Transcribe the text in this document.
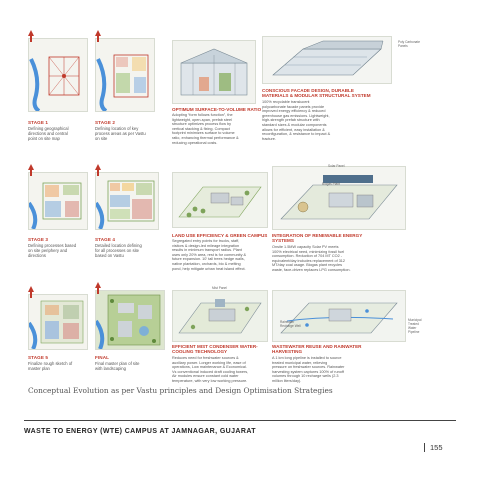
STAGE 1
Defining geographical
directions and central
point on site map
STAGE 2
Defining location of key
process areas as per Vastu
on site
OPTIMUM SURFACE-TO-VOLUME RATIO
Adopting “form follows function”, the
lightweight, open-span, prefab steel
structure optimizes process flow by
vertical stacking & fixing. Compact
footprint minimizes surface to volume
ratio, enhancing thermal performance &
reducing operational costs.
Poly Carbonate
Panels
CONSCIOUS FACADE DESIGN, DURABLE
MATERIALS & MODULAR STRUCTURAL SYSTEM
100% recyclable translucent
polycarbonate facade panels provide
improved energy efficiency & reduced
greenhouse gas emissions. Lightweight,
high-strength prefab structure with
standard sizes & modular components
allows for efficient, easy installation &
reconfiguration, & resistance to impact &
fracture.
STAGE 3
Defining processes based
on site periphery and
directions
STAGE 4
Detailed location defining
for all processes on site
based on Vastu
LAND USE EFFICIENCY & GREEN CAMPUS
Segregated entry points for trucks, staff,
visitors & design-led mileage integration
results in minimum transport radius. Plant
uses only 20% area, rest is for community &
future expansion. 10' tall trees hedge walls,
native plantation, orchards, bio & melting
pond, help mitigate urban heat island effect.
Solar Panel
Biogas Plant
INTEGRATION OF RENEWABLE ENERGY
SYSTEMS
Onsite 1.5MW capacity Solar PV meets
100% electrical need, minimizing fossil fuel
consumption. Reduction of 704 MT CO2 -
equivalent/day includes replacement of 312
MT/day coal usage. Biogas plant recycles
waste, face-driven replaces LPG consumption.
STAGE 5
Finalize rough sketch of
master plan
FINAL
Final master plan of site
with landscaping
Mist Panel
EFFICIENT MIST CONDENSER WATER-
COOLING TECHNOLOGY
Reduces need for freshwater sources &
auxiliary power. Longer working life, ease of
operations, Low maintenance & Economical.
Vs conventional induced draft cooling towers,
Air modules ensure constant cold water
temperature, with very low working pressure.
Rainwater
Recharge Well
Municipal
Treated
Water
Pipeline
WASTEWATER REUSE AND RAINWATER
HARVESTING
A 1 km long pipeline is installed to source
treated municipal water, relieving
pressure on freshwater sources. Rainwater
harvesting system captures 100% of runoff
volumes through 10 recharge wells (2.3
million liters/day).
Conceptual Evolution as per Vastu principles and Design Optimisation Strategies
WASTE TO ENERGY (WTE) CAMPUS AT JAMNAGAR, GUJARAT
155
